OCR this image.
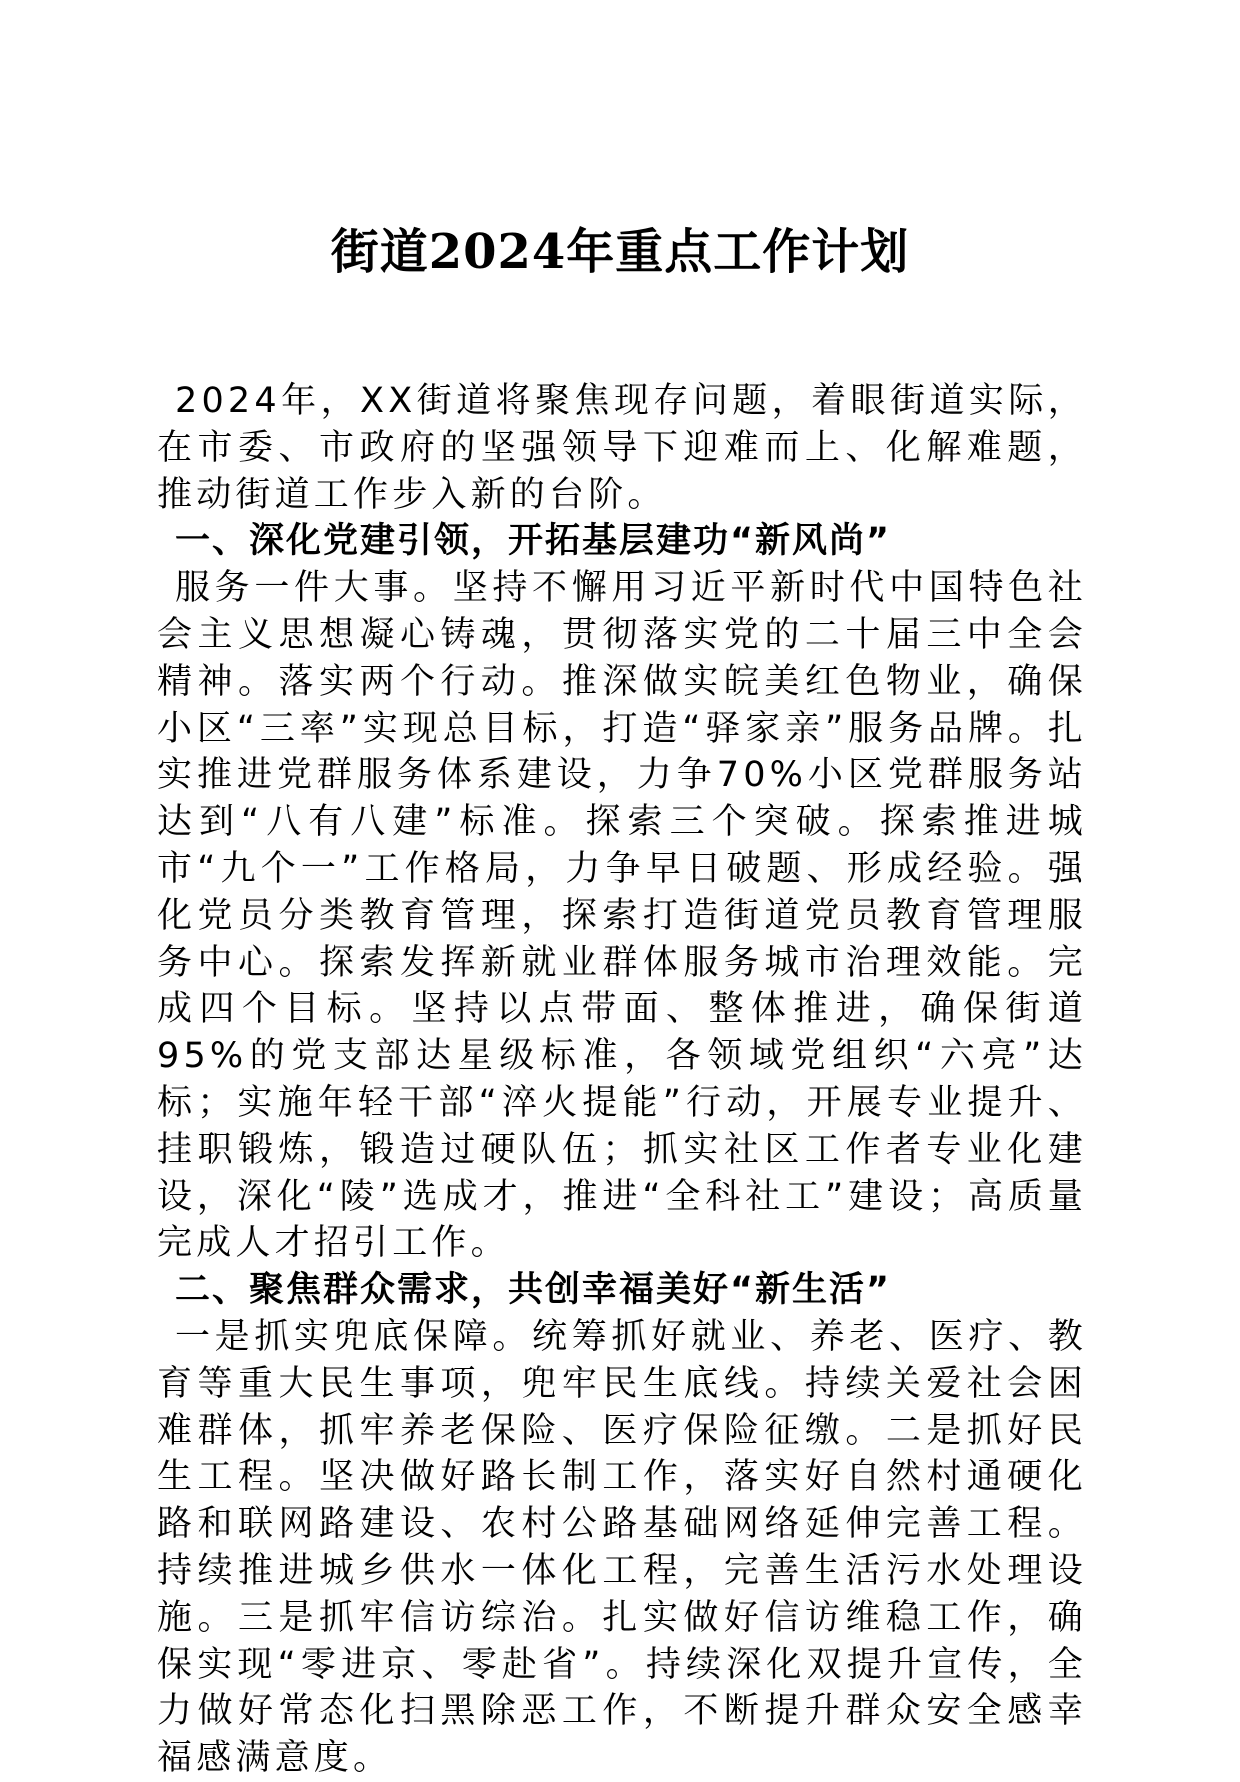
街道2024年重点工作计划

2024年，XX街道将聚焦现存问题，着眼街道实际，在市委、市政府的坚强领导下迎难而上、化解难题，推动街道工作步入新的台阶。

一、深化党建引领，开拓基层建功“新风尚”

服务一件大事。坚持不懈用习近平新时代中国特色社会主义思想凝心铸魂，贯彻落实党的二十届三中全会精神。落实两个行动。推深做实皖美红色物业，确保小区“三率”实现总目标，打造“驿家亲”服务品牌。扎实推进党群服务体系建设，力争70%小区党群服务站达到“八有八建”标准。探索三个突破。探索推进城市“九个一”工作格局，力争早日破题、形成经验。强化党员分类教育管理，探索打造街道党员教育管理服务中心。探索发挥新就业群体服务城市治理效能。完成四个目标。坚持以点带面、整体推进，确保街道95%的党支部达星级标准，各领域党组织“六亮”达标；实施年轻干部“淬火提能”行动，开展专业提升、挂职锻炼，锻造过硬队伍；抓实社区工作者专业化建设，深化“陵”选成才，推进“全科社工”建设；高质量完成人才招引工作。

二、聚焦群众需求，共创幸福美好“新生活”

一是抓实兜底保障。统筹抓好就业、养老、医疗、教育等重大民生事项，兜牢民生底线。持续关爱社会困难群体，抓牢养老保险、医疗保险征缴。二是抓好民生工程。坚决做好路长制工作，落实好自然村通硬化路和联网路建设、农村公路基础网络延伸完善工程。持续推进城乡供水一体化工程，完善生活污水处理设施。三是抓牢信访综治。扎实做好信访维稳工作，确保实现“零进京、零赴省”。持续深化双提升宣传，全力做好常态化扫黑除恶工作，不断提升群众安全感幸福感满意度。
